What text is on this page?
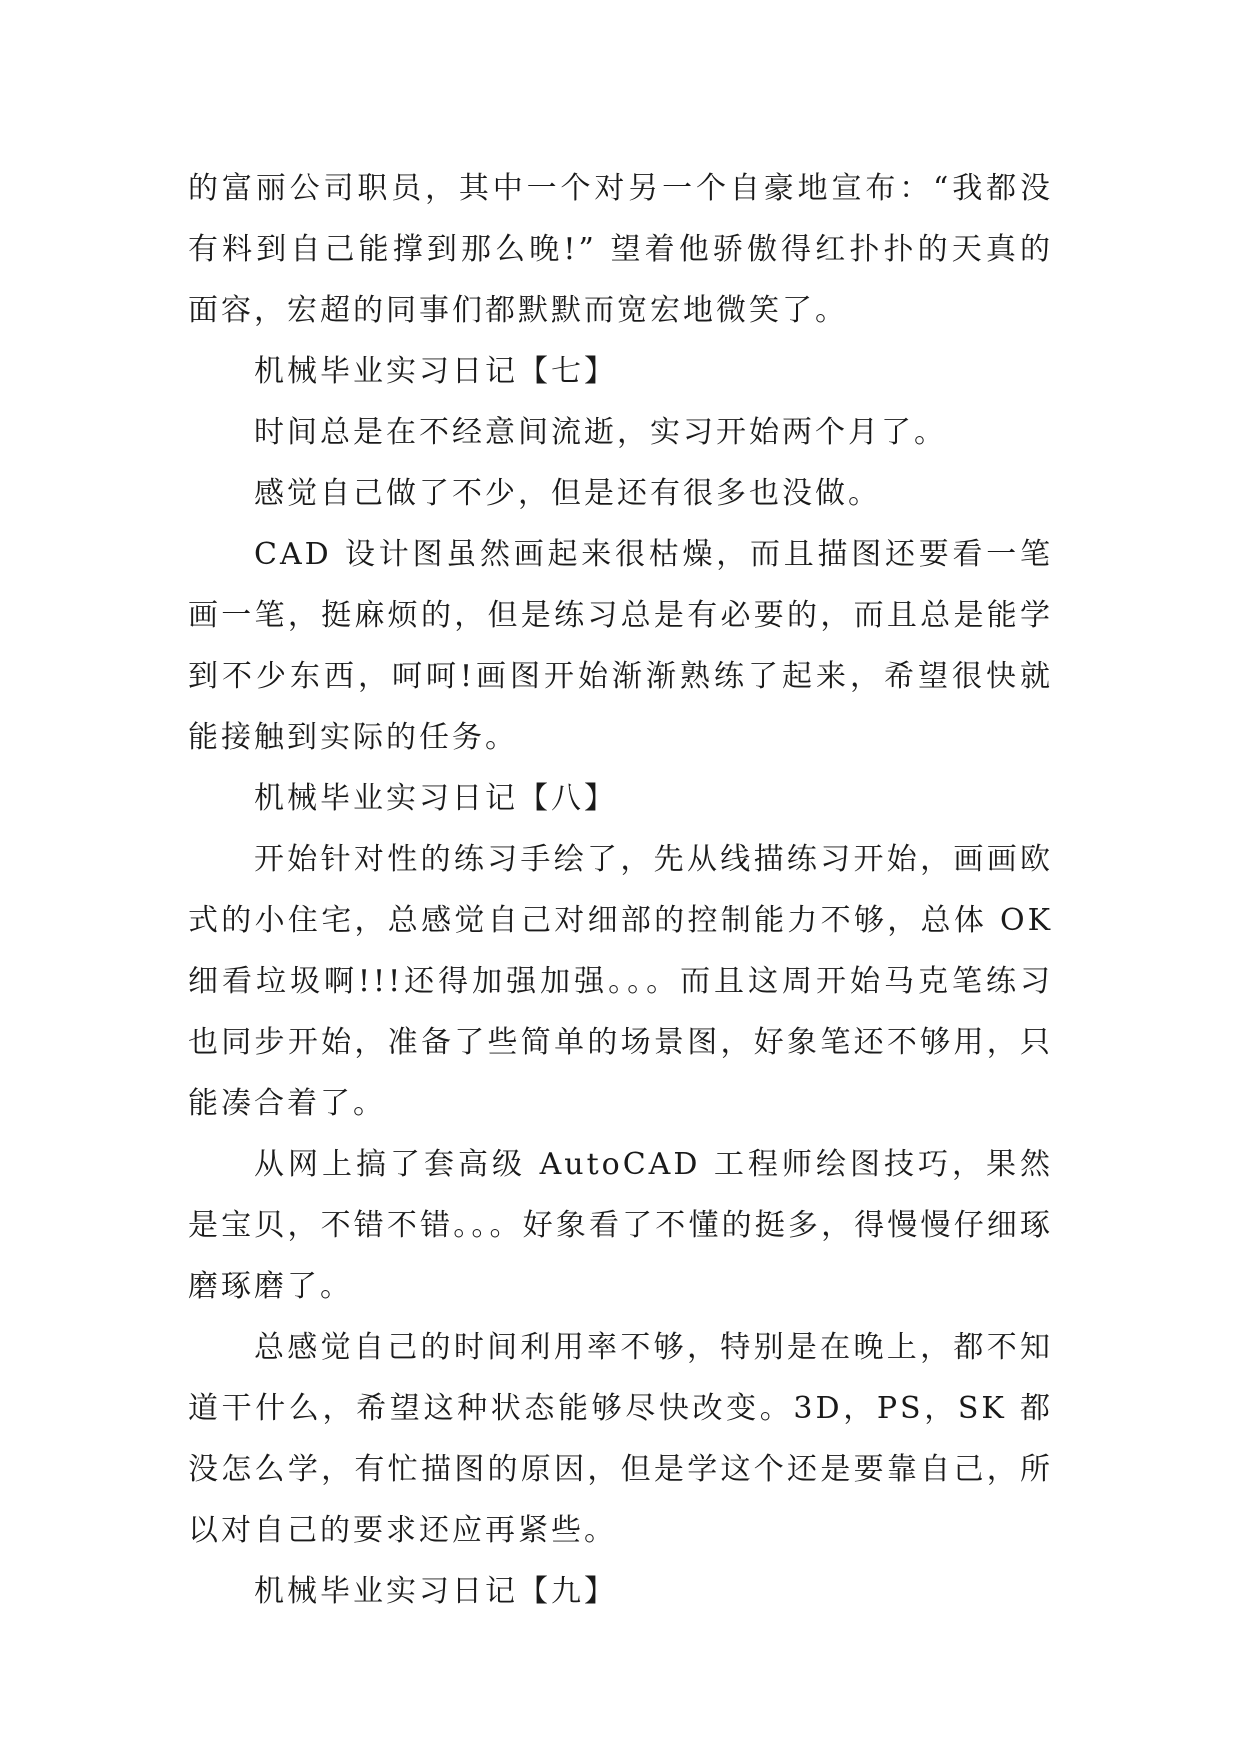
的富丽公司职员，其中一个对另一个自豪地宣布：“我都没有料到自己能撑到那么晚!” 望着他骄傲得红扑扑的天真的面容，宏超的同事们都默默而宽宏地微笑了。

机械毕业实习日记【七】

时间总是在不经意间流逝，实习开始两个月了。

感觉自己做了不少，但是还有很多也没做。

CAD 设计图虽然画起来很枯燥，而且描图还要看一笔画一笔，挺麻烦的，但是练习总是有必要的，而且总是能学到不少东西，呵呵!画图开始渐渐熟练了起来，希望很快就能接触到实际的任务。

机械毕业实习日记【八】

开始针对性的练习手绘了，先从线描练习开始，画画欧式的小住宅，总感觉自己对细部的控制能力不够，总体 OK 细看垃圾啊!!!还得加强加强。。。而且这周开始马克笔练习也同步开始，准备了些简单的场景图，好象笔还不够用，只能凑合着了。

从网上搞了套高级 AutoCAD 工程师绘图技巧，果然是宝贝，不错不错。。。好象看了不懂的挺多，得慢慢仔细琢磨琢磨了。

总感觉自己的时间利用率不够，特别是在晚上，都不知道干什么，希望这种状态能够尽快改变。3D，PS，SK 都没怎么学，有忙描图的原因，但是学这个还是要靠自己，所以对自己的要求还应再紧些。

机械毕业实习日记【九】
